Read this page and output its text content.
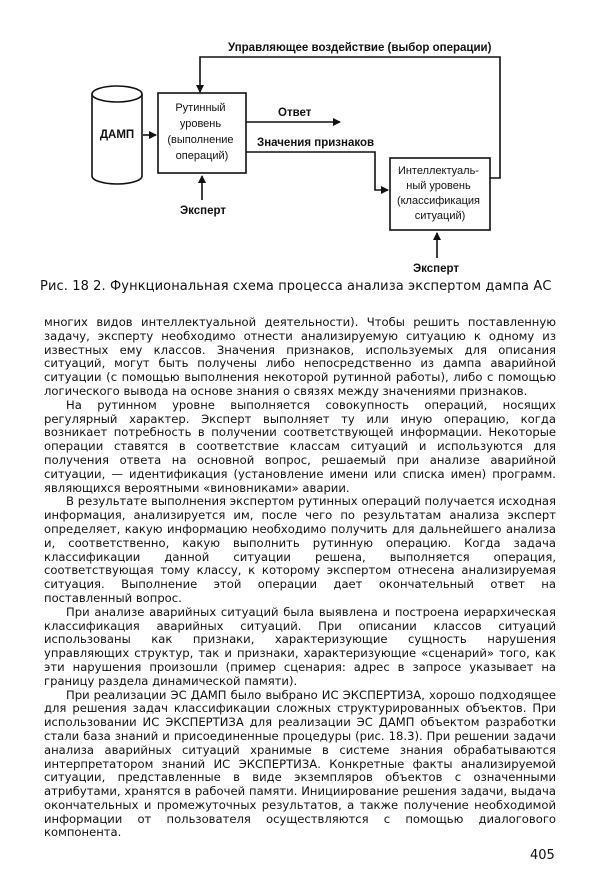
Управляющее воздействие (выбор операции)
ДАМП
Рутинный уровень (выполнение операций)
Ответ
Значения признаков
Эксперт
Интеллектуаль- ный уровень (классификация ситуаций)
Эксперт

Рис. 18 2. Функциональная схема процесса анализа экспертом дампа АС

многих видов интеллектуальной деятельности). Чтобы решить поставленную задачу, эксперту необходимо отнести анализируемую ситуацию к одному из известных ему классов. Значения признаков, используемых для описания ситуаций, могут быть получены либо непосредственно из дампа аварийной ситуации (с помощью выполнения некоторой рутинной работы), либо с помощью логического вывода на основе знания о связях между значениями признаков.

На рутинном уровне выполняется совокупность операций, носящих регулярный характер. Эксперт выполняет ту или иную операцию, когда возникает потребность в получении соответствующей информации. Некоторые операции ставятся в соответствие классам ситуаций и используются для получения ответа на основной вопрос, решаемый при анализе аварийной ситуации, — идентификация (установление имени или списка имен) программ. являющихся вероятными «виновниками» аварии.

В результате выполнения экспертом рутинных операций получается исходная информация, анализируется им, после чего по результатам анализа эксперт определяет, какую информацию необходимо получить для дальнейшего анализа и, соответственно, какую выполнить рутинную операцию. Когда задача классификации данной ситуации решена, выполняется операция, соответствующая тому классу, к которому экспертом отнесена анализируемая ситуация. Выполнение этой операции дает окончательный ответ на поставленный вопрос.

При анализе аварийных ситуаций была выявлена и построена иерархическая классификация аварийных ситуаций. При описании классов ситуаций использованы как признаки, характеризующие сущность нарушения управляющих структур, так и признаки, характеризующие «сценарий» того, как эти нарушения произошли (пример сценария: адрес в запросе указывает на границу раздела динамической памяти).

При реализации ЭС ДАМП было выбрано ИС ЭКСПЕРТИЗА, хорошо подходящее для решения задач классификации сложных структурированных объектов. При использовании ИС ЭКСПЕРТИЗА для реализации ЭС ДАМП объектом разработки стали база знаний и присоединенные процедуры (рис. 18.3). При решении задачи анализа аварийных ситуаций хранимые в системе знания обрабатываются интерпретатором знаний ИС ЭКСПЕРТИЗА. Конкретные факты анализируемой ситуации, представленные в виде экземпляров объектов с означенными атрибутами, хранятся в рабочей памяти. Инициирование решения задачи, выдача окончательных и промежуточных результатов, а также получение необходимой информации от пользователя осуществляются с помощью диалогового компонента.

405
